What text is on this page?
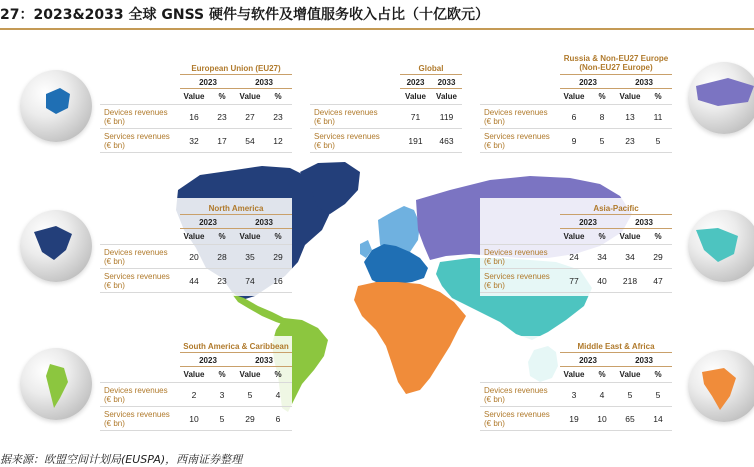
27：2023&2033 全球 GNSS 硬件与软件及增值服务收入占比（十亿欧元）
European Union (EU27)
2023	2033
Value	%	Value	%
Devices revenues
(€ bn)	16	23	27	23
Services revenues
(€ bn)	32	17	54	12
Global
2023	2033
Value	Value
Devices revenues
(€ bn)	71	119
Services revenues
(€ bn)	191	463
Russia & Non-EU27 Europe
(Non-EU27 Europe)
2023	2033
Value	%	Value	%
Devices revenues
(€ bn)	6	8	13	11
Services revenues
(€ bn)	9	5	23	5
North America
2023	2033
Value	%	Value	%
Devices revenues
(€ bn)	20	28	35	29
Services revenues
(€ bn)	44	23	74	16
Asia-Pacific
2023	2033
Value	%	Value	%
Devices revenues
(€ bn)	24	34	34	29
Services revenues
(€ bn)	77	40	218	47
South America & Caribbean
2023	2033
Value	%	Value	%
Devices revenues
(€ bn)	2	3	5	4
Services revenues
(€ bn)	10	5	29	6
Middle East & Africa
2023	2033
Value	%	Value	%
Devices revenues
(€ bn)	3	4	5	5
Services revenues
(€ bn)	19	10	65	14
据来源：欧盟空间计划局(EUSPA)，西南证券整理
